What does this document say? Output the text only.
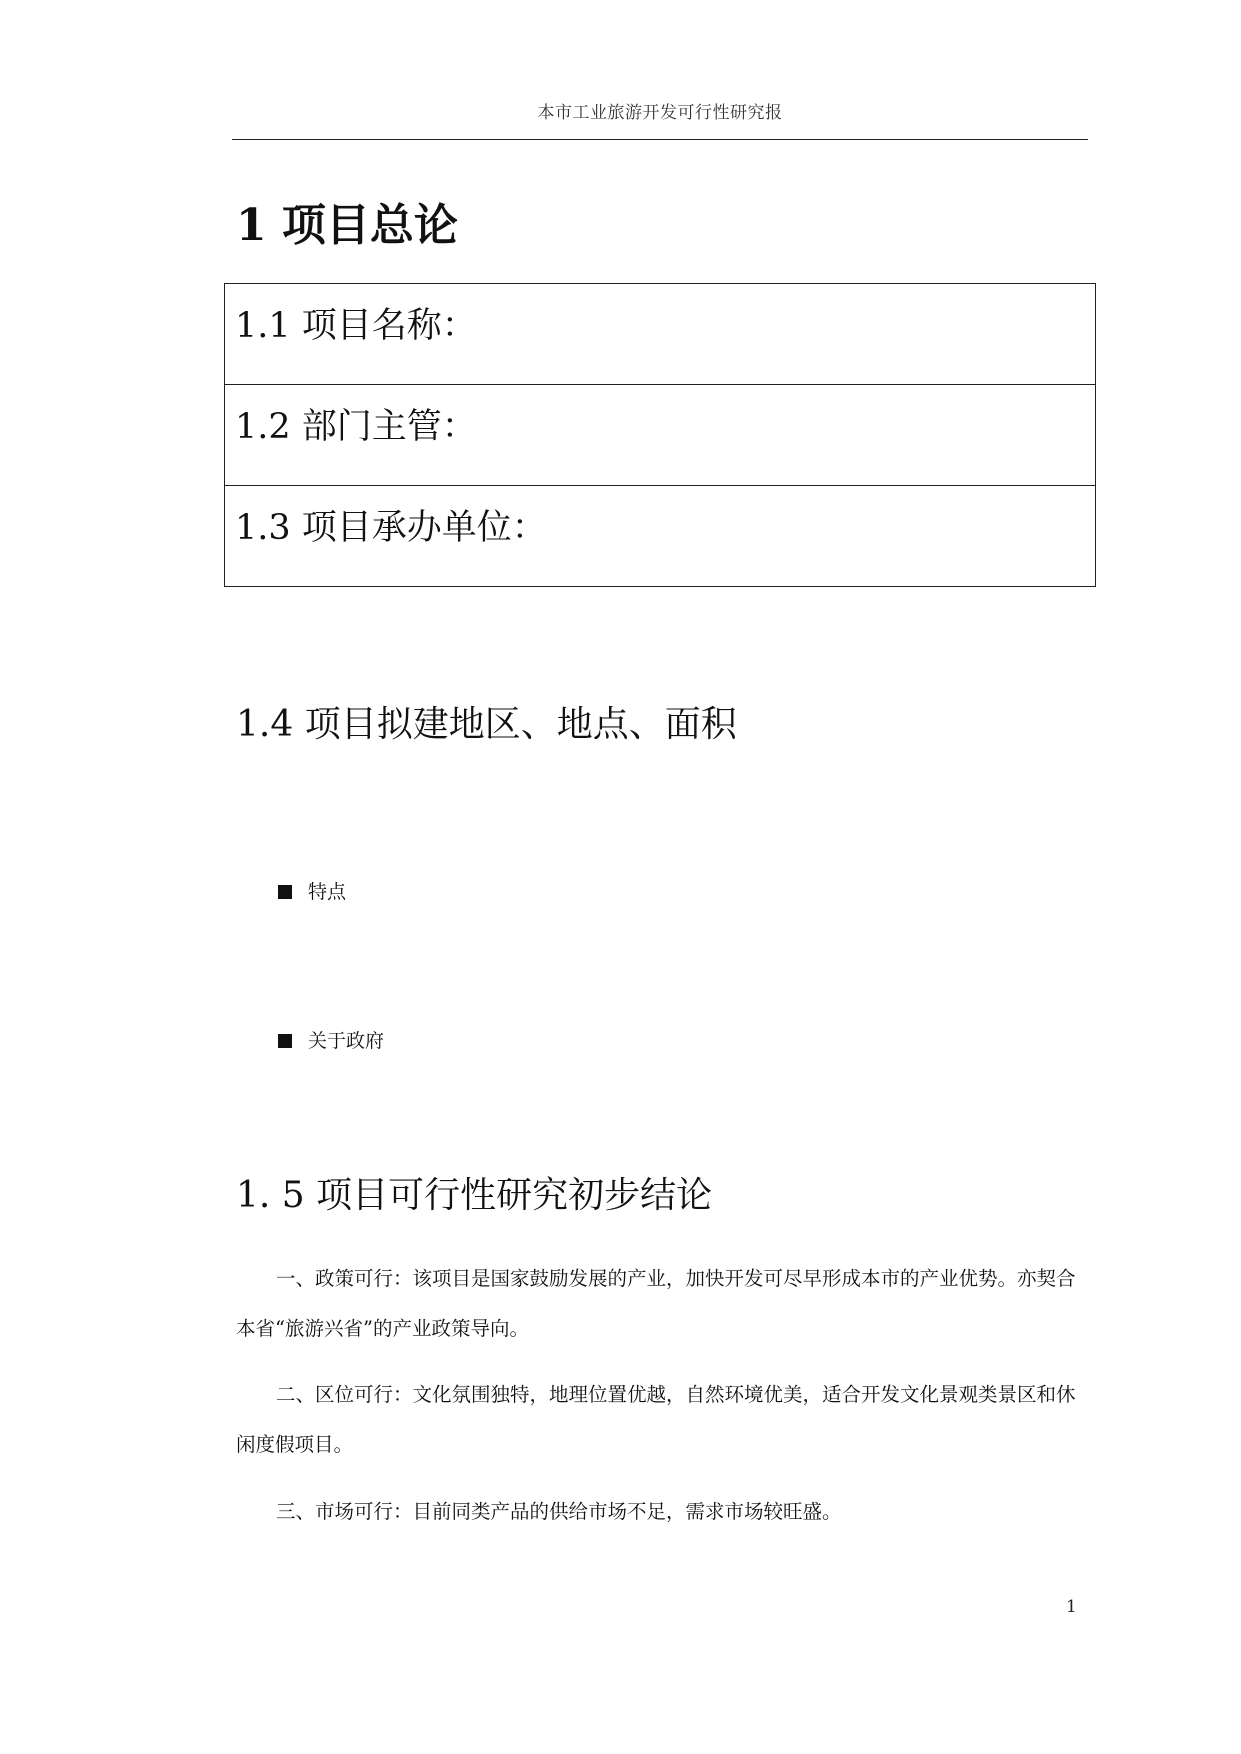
本市工业旅游开发可行性研究报
1 项目总论
1.1 项目名称：

1.2 部门主管：

1.3 项目承办单位：
1.4 项目拟建地区、地点、面积
特点
关于政府
1. 5 项目可行性研究初步结论

一、政策可行：该项目是国家鼓励发展的产业，加快开发可尽早形成本市的产业优势。亦契合本省“旅游兴省”的产业政策导向。

二、区位可行：文化氛围独特，地理位置优越，自然环境优美，适合开发文化景观类景区和休闲度假项目。

三、市场可行：目前同类产品的供给市场不足，需求市场较旺盛。

1
